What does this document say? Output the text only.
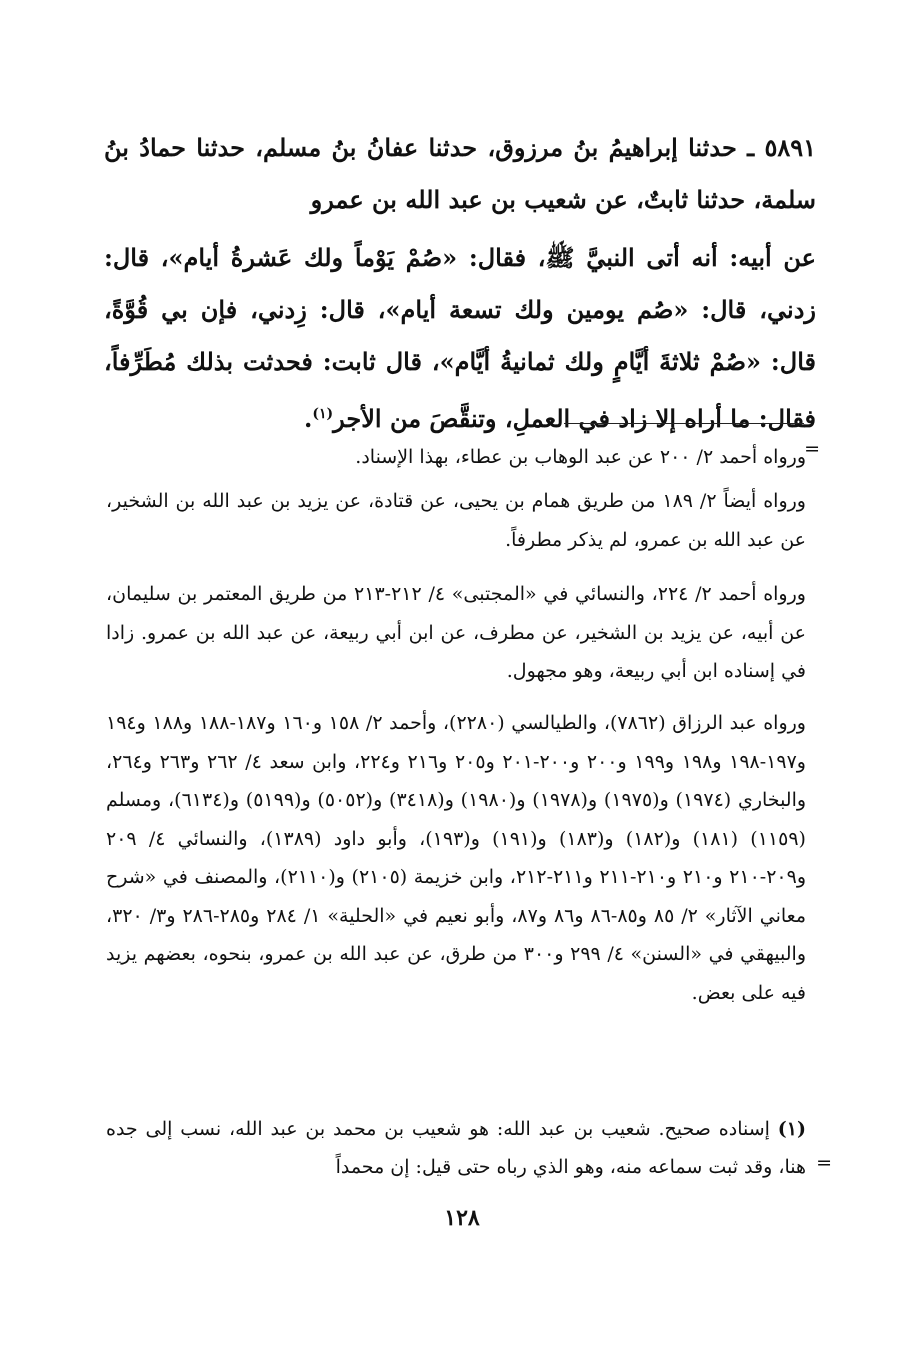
٥٨٩١ ـ حدثنا إبراهيمُ بنُ مرزوق، حدثنا عفانُ بنُ مسلم، حدثنا حمادُ بنُ سلمة، حدثنا ثابتٌ، عن شعيب بن عبد الله بن عمرو
عن أبيه: أنه أتى النبيَّ ﷺ، فقال: «صُمْ يَوْماً ولك عَشرةُ أيام»، قال: زدني، قال: «صُم يومين ولك تسعة أيام»، قال: زِدني، فإن بي قُوَّةً، قال: «صُمْ ثلاثةَ أيَّامٍ ولك ثمانيةُ أيَّام»، قال ثابت: فحدثت بذلك مُطَرِّفاً، فقال: ما أراه إلا زاد في العملِ، وتنقَّصَ من الأجر$^{(١)}$.
=
ورواه أحمد ٢/ ٢٠٠ عن عبد الوهاب بن عطاء، بهذا الإسناد.
ورواه أيضاً ٢/ ١٨٩ من طريق همام بن يحيى، عن قتادة، عن يزيد بن عبد الله بن الشخير، عن عبد الله بن عمرو، لم يذكر مطرفاً.
ورواه أحمد ٢/ ٢٢٤، والنسائي في «المجتبى» ٤/ ٢١٢-٢١٣ من طريق المعتمر بن سليمان، عن أبيه، عن يزيد بن الشخير، عن مطرف، عن ابن أبي ربيعة، عن عبد الله بن عمرو. زادا في إسناده ابن أبي ربيعة، وهو مجهول.
ورواه عبد الرزاق (٧٨٦٢)، والطيالسي (٢٢٨٠)، وأحمد ٢/ ١٥٨ و١٦٠ و١٨٧-١٨٨ و١٨٨ و١٩٤ و١٩٧-١٩٨ و١٩٨ و١٩٩ و٢٠٠ و٢٠٠-٢٠١ و٢٠٥ و٢١٦ و٢٢٤، وابن سعد ٤/ ٢٦٢ و٢٦٣ و٢٦٤، والبخاري (١٩٧٤) و(١٩٧٥) و(١٩٧٨) و(١٩٨٠) و(٣٤١٨) و(٥٠٥٢) و(٥١٩٩) و(٦١٣٤)، ومسلم (١١٥٩) (١٨١) و(١٨٢) و(١٨٣) و(١٩١) و(١٩٣)، وأبو داود (١٣٨٩)، والنسائي ٤/ ٢٠٩ و٢٠٩-٢١٠ و٢١٠ و٢١٠-٢١١ و٢١١-٢١٢، وابن خزيمة (٢١٠٥) و(٢١١٠)، والمصنف في «شرح معاني الآثار» ٢/ ٨٥ و٨٥-٨٦ و٨٦ و٨٧، وأبو نعيم في «الحلية» ١/ ٢٨٤ و٢٨٥-٢٨٦ و٣/ ٣٢٠، والبيهقي في «السنن» ٤/ ٢٩٩ و٣٠٠ من طرق، عن عبد الله بن عمرو، بنحوه، بعضهم يزيد فيه على بعض.
(١) إسناده صحيح. شعيب بن عبد الله: هو شعيب بن محمد بن عبد الله، نسب إلى جده هنا، وقد ثبت سماعه منه، وهو الذي رباه حتى قيل: إن محمداً =
١٢٨
